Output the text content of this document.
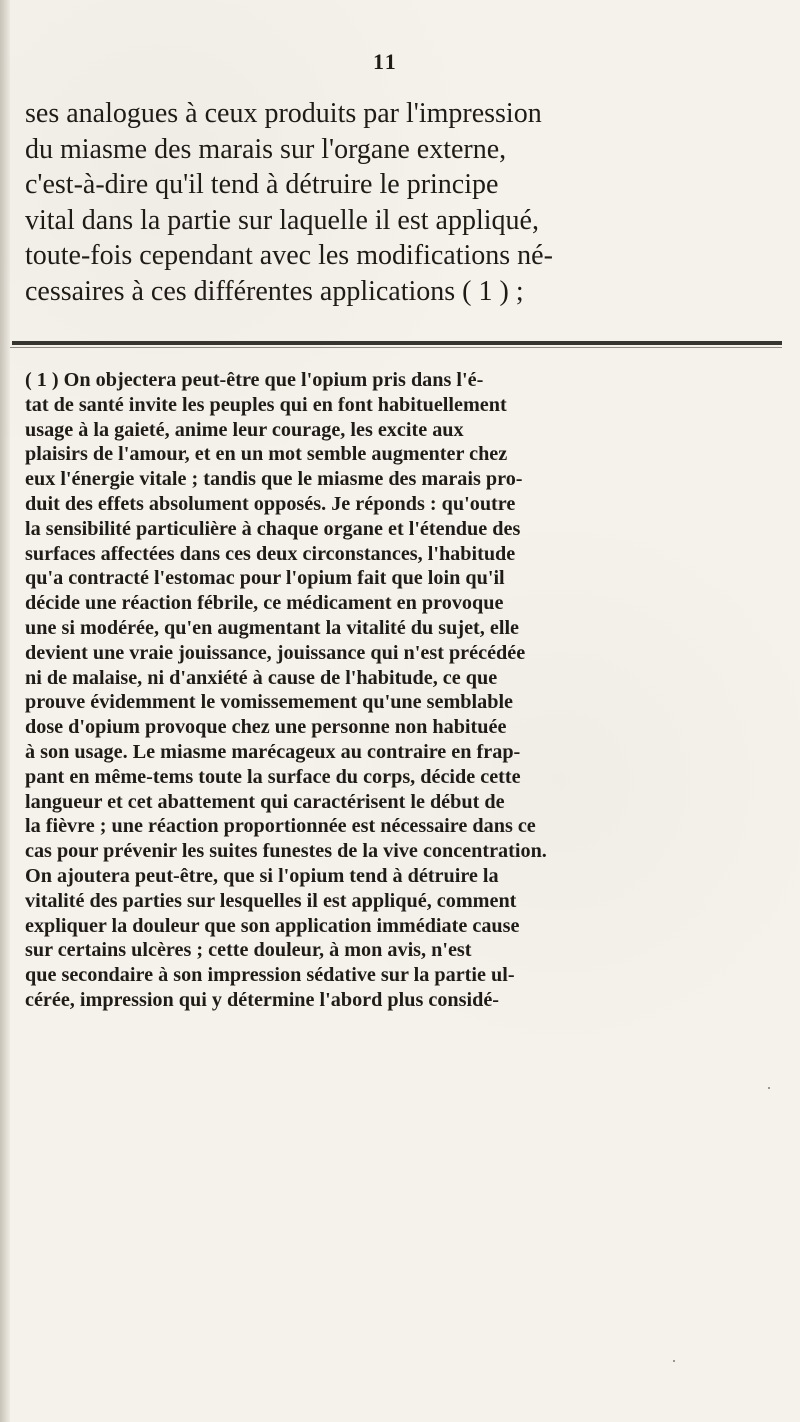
11
ses analogues à ceux produits par l'impression
du miasme des marais sur l'organe externe,
c'est-à-dire qu'il tend à détruire le principe
vital dans la partie sur laquelle il est appliqué,
toute-fois cependant avec les modifications né-
cessaires à ces différentes applications ( 1 ) ;
( 1 ) On objectera peut-être que l'opium pris dans l'é-
tat de santé invite les peuples qui en font habituellement
usage à la gaieté, anime leur courage, les excite aux
plaisirs de l'amour, et en un mot semble augmenter chez
eux l'énergie vitale ; tandis que le miasme des marais pro-
duit des effets absolument opposés. Je réponds : qu'outre
la sensibilité particulière à chaque organe et l'étendue des
surfaces affectées dans ces deux circonstances, l'habitude
qu'a contracté l'estomac pour l'opium fait que loin qu'il
décide une réaction fébrile, ce médicament en provoque
une si modérée, qu'en augmentant la vitalité du sujet, elle
devient une vraie jouissance, jouissance qui n'est précédée
ni de malaise, ni d'anxiété à cause de l'habitude, ce que
prouve évidemment le vomissemement qu'une semblable
dose d'opium provoque chez une personne non habituée
à son usage. Le miasme marécageux au contraire en frap-
pant en même-tems toute la surface du corps, décide cette
langueur et cet abattement qui caractérisent le début de
la fièvre ; une réaction proportionnée est nécessaire dans ce
cas pour prévenir les suites funestes de la vive concentration.
On ajoutera peut-être, que si l'opium tend à détruire la
vitalité des parties sur lesquelles il est appliqué, comment
expliquer la douleur que son application immédiate cause
sur certains ulcères ; cette douleur, à mon avis, n'est
que secondaire à son impression sédative sur la partie ul-
cérée, impression qui y détermine l'abord plus considé-
